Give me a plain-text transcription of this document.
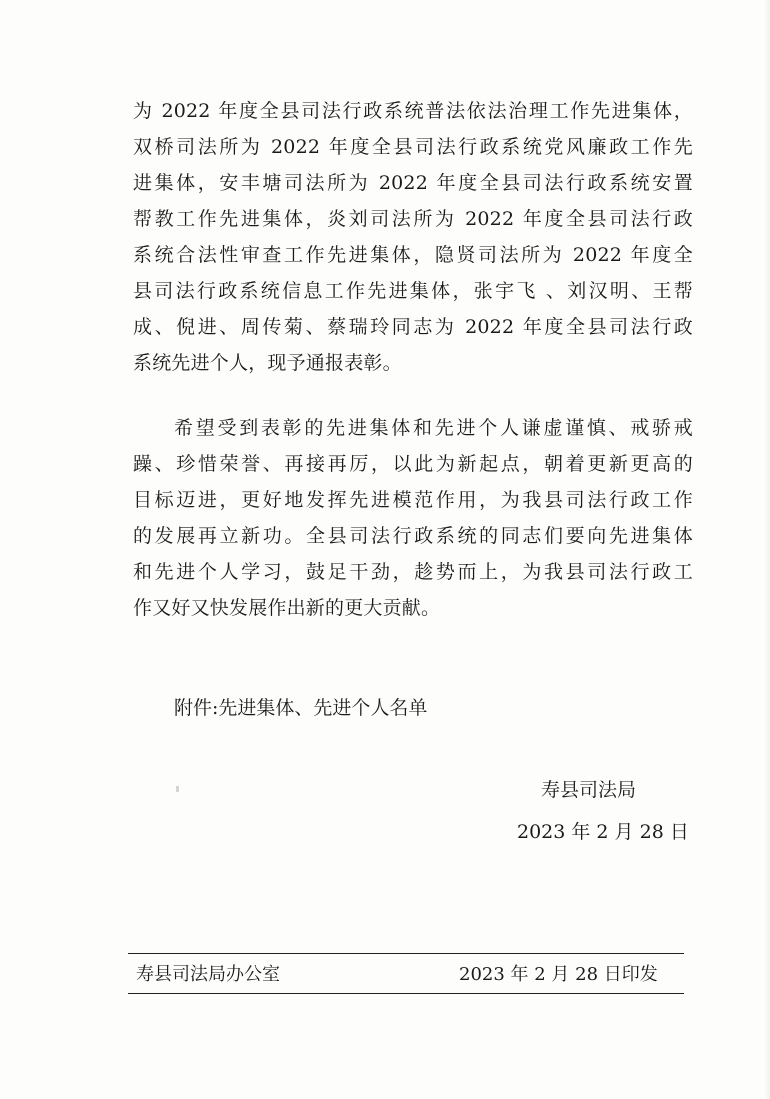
为 2022 年度全县司法行政系统普法依法治理工作先进集体，
双桥司法所为 2022 年度全县司法行政系统党风廉政工作先
进集体，安丰塘司法所为 2022 年度全县司法行政系统安置
帮教工作先进集体，炎刘司法所为 2022 年度全县司法行政
系统合法性审查工作先进集体，隐贤司法所为 2022 年度全
县司法行政系统信息工作先进集体，张宇飞 、刘汉明、王帮
成、倪进、周传菊、蔡瑞玲同志为 2022 年度全县司法行政
系统先进个人，现予通报表彰。
希望受到表彰的先进集体和先进个人谦虚谨慎、戒骄戒
躁、珍惜荣誉、再接再厉，以此为新起点，朝着更新更高的
目标迈进，更好地发挥先进模范作用，为我县司法行政工作
的发展再立新功。全县司法行政系统的同志们要向先进集体
和先进个人学习，鼓足干劲，趁势而上，为我县司法行政工
作又好又快发展作出新的更大贡献。
附件:先进集体、先进个人名单
寿县司法局
2023 年 2 月 28 日
寿县司法局办公室	2023 年 2 月 28 日印发
